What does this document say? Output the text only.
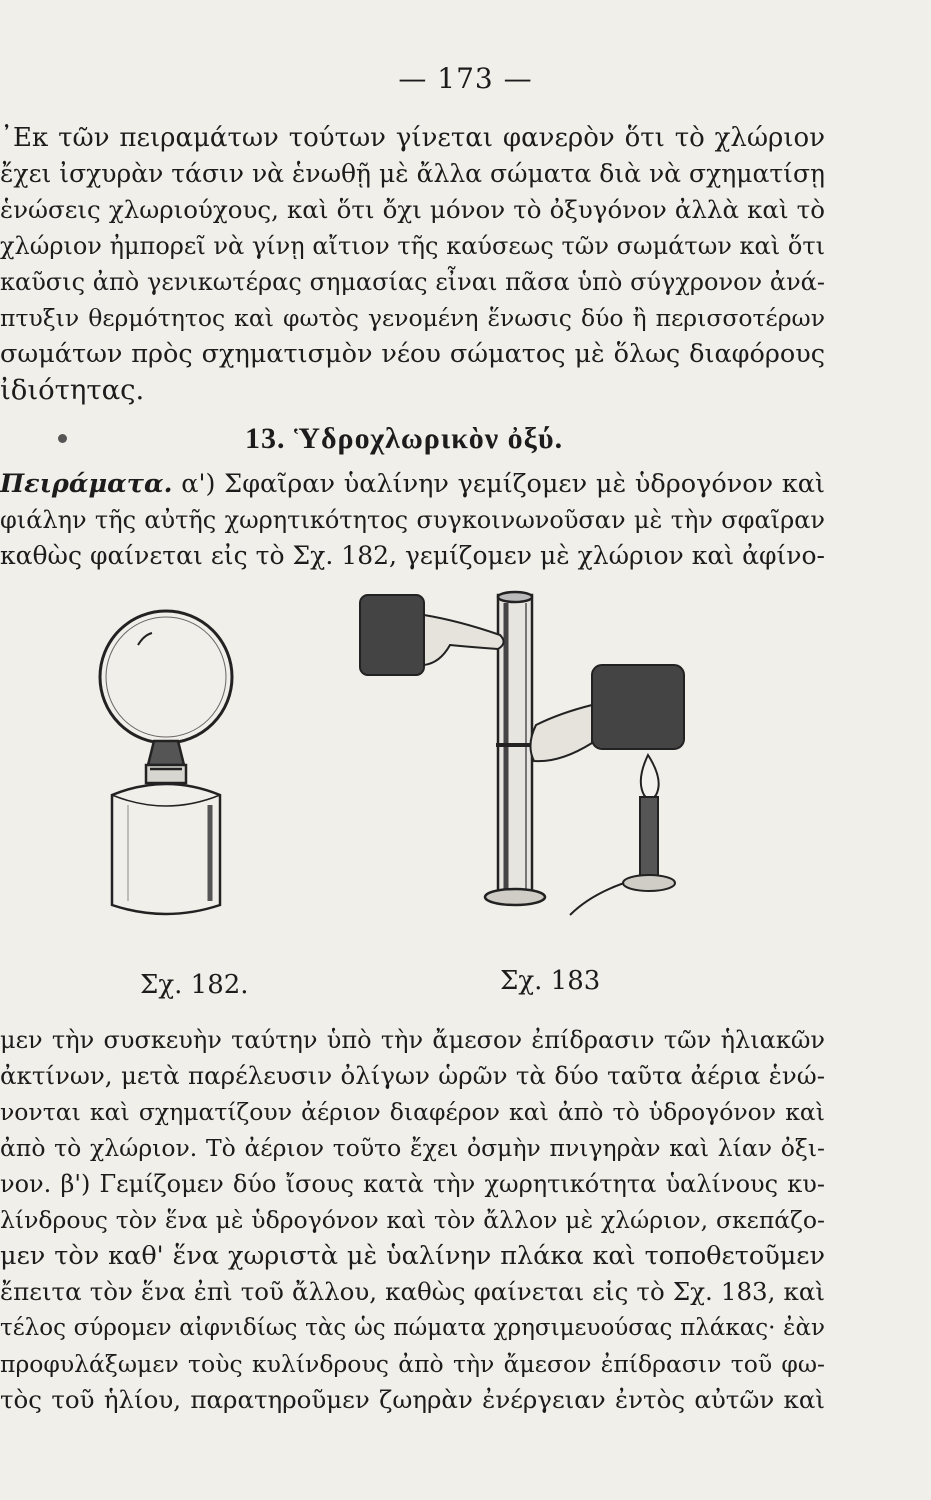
— 173 —
᾿Εκ τῶν πειραμάτων τούτων γίνεται φανερὸν ὅτι τὸ χλώριον
ἔχει ἰσχυρὰν τάσιν νὰ ἑνωθῇ μὲ ἄλλα σώματα διὰ νὰ σχηματίσῃ
ἑνώσεις χλωριούχους, καὶ ὅτι ὄχι μόνον τὸ ὀξυγόνον ἀλλὰ καὶ τὸ
χλώριον ἠμπορεῖ νὰ γίνῃ αἴτιον τῆς καύσεως τῶν σωμάτων καὶ ὅτι
καῦσις ἀπὸ γενικωτέρας σημασίας εἶναι πᾶσα ὑπὸ σύγχρονον ἀνά-
πτυξιν θερμότητος καὶ φωτὸς γενομένη ἕνωσις δύο ἢ περισσοτέρων
σωμάτων πρὸς σχηματισμὸν νέου σώματος μὲ ὅλως διαφόρους
ἰδιότητας.
13. Ὑδροχλωρικὸν ὀξύ.
Πειράματα. α') Σφαῖραν ὑαλίνην γεμίζομεν μὲ ὑδρογόνον καὶ
φιάλην τῆς αὐτῆς χωρητικότητος συγκοινωνοῦσαν μὲ τὴν σφαῖραν
καθὼς φαίνεται εἰς τὸ Σχ. 182, γεμίζομεν μὲ χλώριον καὶ ἀφίνο-
Σχ. 182.	Σχ. 183
μεν τὴν συσκευὴν ταύτην ὑπὸ τὴν ἄμεσον ἐπίδρασιν τῶν ἡλιακῶν
ἀκτίνων, μετὰ παρέλευσιν ὀλίγων ὡρῶν τὰ δύο ταῦτα ἀέρια ἑνώ-
νονται καὶ σχηματίζουν ἀέριον διαφέρον καὶ ἀπὸ τὸ ὑδρογόνον καὶ
ἀπὸ τὸ χλώριον. Τὸ ἀέριον τοῦτο ἔχει ὀσμὴν πνιγηρὰν καὶ λίαν ὀξι-
νον. β') Γεμίζομεν δύο ἴσους κατὰ τὴν χωρητικότητα ὑαλίνους κυ-
λίνδρους τὸν ἕνα μὲ ὑδρογόνον καὶ τὸν ἄλλον μὲ χλώριον, σκεπάζο-
μεν τὸν καθ' ἕνα χωριστὰ μὲ ὑαλίνην πλάκα καὶ τοποθετοῦμεν
ἔπειτα τὸν ἕνα ἐπὶ τοῦ ἄλλου, καθὼς φαίνεται εἰς τὸ Σχ. 183, καὶ
τέλος σύρομεν αἰφνιδίως τὰς ὡς πώματα χρησιμευούσας πλάκας· ἐὰν
προφυλάξωμεν τοὺς κυλίνδρους ἀπὸ τὴν ἄμεσον ἐπίδρασιν τοῦ φω-
τὸς τοῦ ἡλίου, παρατηροῦμεν ζωηρὰν ἐνέργειαν ἐντὸς αὐτῶν καὶ
